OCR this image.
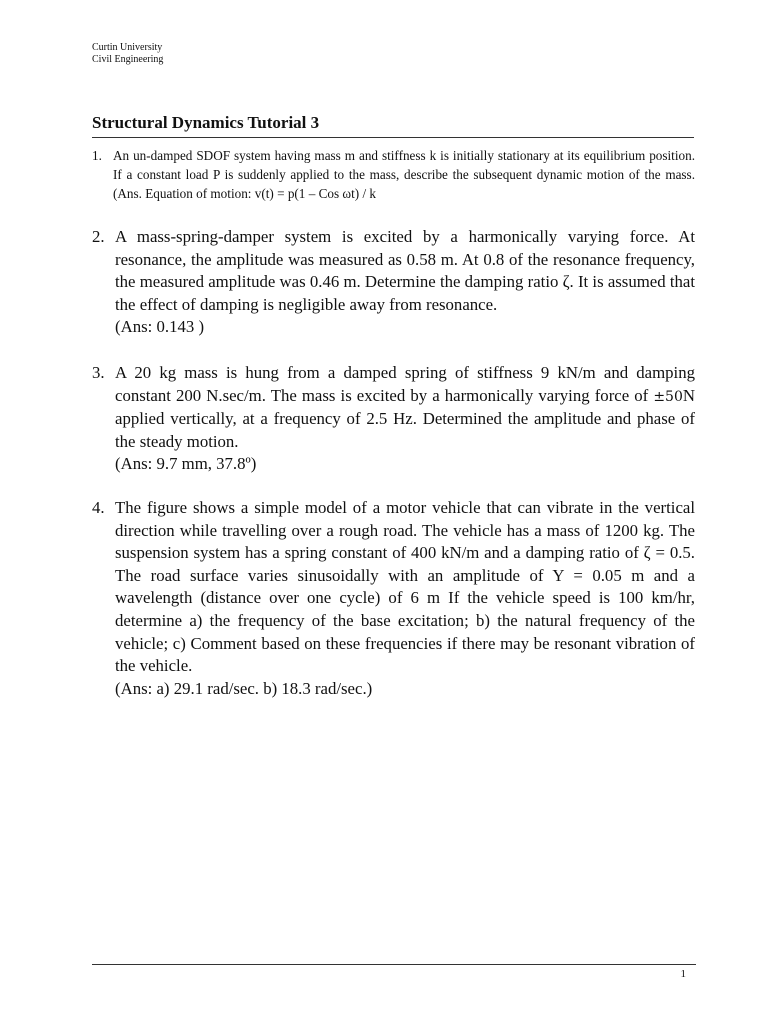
Curtin University
Civil Engineering
Structural Dynamics Tutorial 3
1. An un-damped SDOF system having mass m and stiffness k is initially stationary at its equilibrium position. If a constant load P is suddenly applied to the mass, describe the subsequent dynamic motion of the mass. (Ans. Equation of motion: v(t) = p(1 – Cos ωt) / k
2. A mass-spring-damper system is excited by a harmonically varying force. At resonance, the amplitude was measured as 0.58 m. At 0.8 of the resonance frequency, the measured amplitude was 0.46 m. Determine the damping ratio ζ. It is assumed that the effect of damping is negligible away from resonance.
(Ans: 0.143 )
3. A 20 kg mass is hung from a damped spring of stiffness 9 kN/m and damping constant 200 N.sec/m. The mass is excited by a harmonically varying force of ±50N applied vertically, at a frequency of 2.5 Hz. Determined the amplitude and phase of the steady motion.
(Ans: 9.7 mm, 37.8º)
4. The figure shows a simple model of a motor vehicle that can vibrate in the vertical direction while travelling over a rough road. The vehicle has a mass of 1200 kg. The suspension system has a spring constant of 400 kN/m and a damping ratio of ζ = 0.5. The road surface varies sinusoidally with an amplitude of Y = 0.05 m and a wavelength (distance over one cycle) of 6 m If the vehicle speed is 100 km/hr, determine a) the frequency of the base excitation; b) the natural frequency of the vehicle; c) Comment based on these frequencies if there may be resonant vibration of the vehicle.
(Ans: a) 29.1 rad/sec. b) 18.3 rad/sec.)
1
